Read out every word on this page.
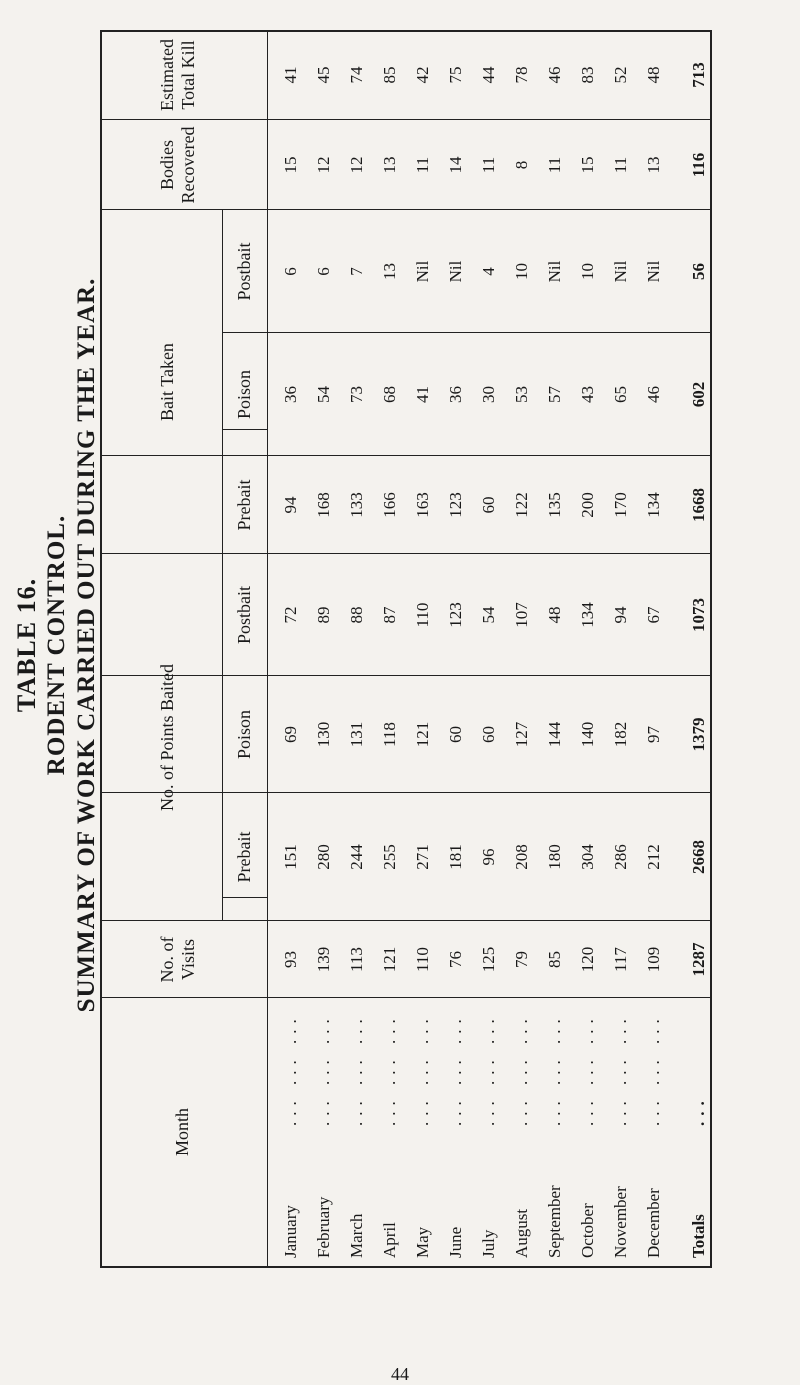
TABLE 16. RODENT CONTROL. SUMMARY OF WORK CARRIED OUT DURING THE YEAR.
Month
No. of Visits
No. of Points Baited
Prebait
Poison
Postbait
Bait Taken
Prebait
Poison
Postbait
Bodies Recovered
Estimated Total Kill
January
... ... ...
93
151
69
72
94
36
6
15
41
February
... ... ...
139
280
130
89
168
54
6
12
45
March
... ... ...
113
244
131
88
133
73
7
12
74
April
... ... ...
121
255
118
87
166
68
13
13
85
May
... ... ...
110
271
121
110
163
41
Nil
11
42
June
... ... ...
76
181
60
123
123
36
Nil
14
75
July
... ... ...
125
96
60
54
60
30
4
11
44
August
... ... ...
79
208
127
107
122
53
10
8
78
September
... ... ...
85
180
144
48
135
57
Nil
11
46
October
... ... ...
120
304
140
134
200
43
10
15
83
November
... ... ...
117
286
182
94
170
65
Nil
11
52
December
... ... ...
109
212
97
67
134
46
Nil
13
48
Totals
...
1287
2668
1379
1073
1668
602
56
116
713
44
